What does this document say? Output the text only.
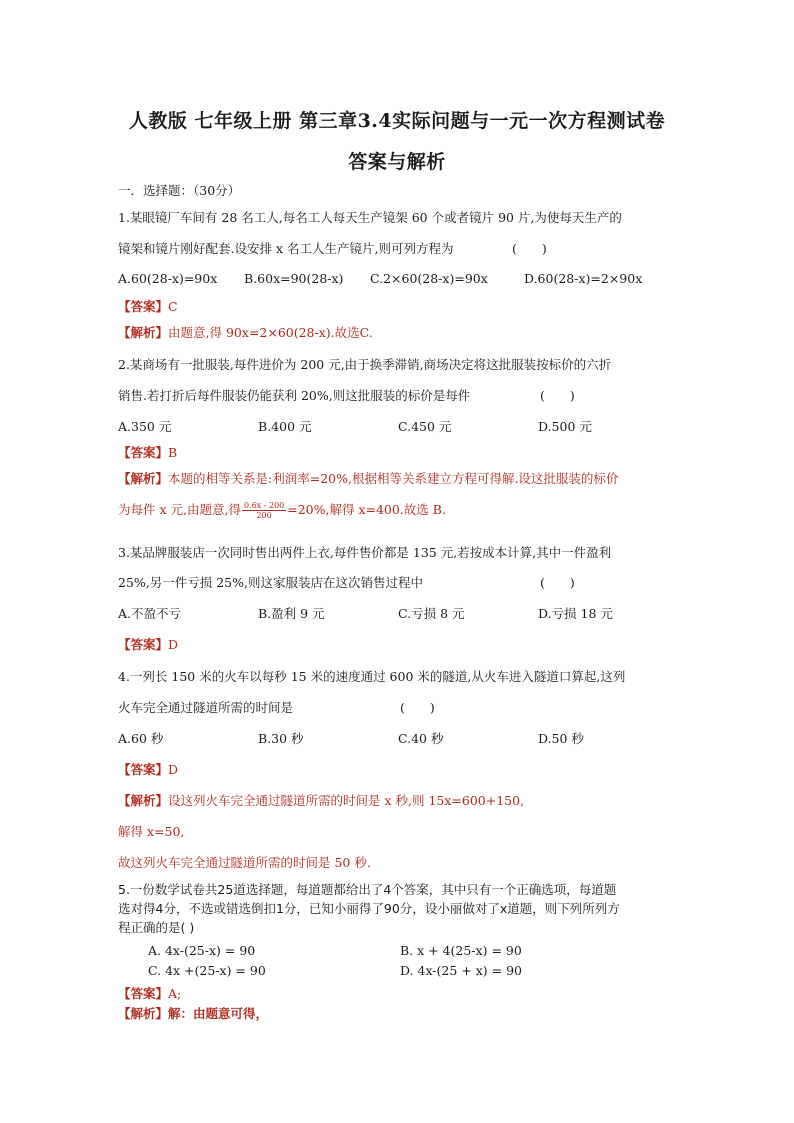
人教版 七年级上册 第三章3.4实际问题与一元一次方程测试卷
答案与解析
一．选择题：（30分）
1.某眼镜厂车间有 28 名工人,每名工人每天生产镜架 60 个或者镜片 90 片,为使每天生产的
镜架和镜片刚好配套.设安排 x 名工人生产镜片,则可列方程为	(　　)
A.60(28-x)=90x B.60x=90(28-x) C.2×60(28-x)=90x	D.60(28-x)=2×90x
【答案】C
【解析】由题意,得 90x=2×60(28-x).故选C.
2.某商场有一批服装,每件进价为 200 元,由于换季滞销,商场决定将这批服装按标价的六折
销售.若打折后每件服装仍能获利 20%,则这批服装的标价是每件	(　　)
A.350 元	B.400 元	C.450 元	D.500 元
【答案】B
【解析】本题的相等关系是:利润率=20%,根据相等关系建立方程可得解.设这批服装的标价
为每件 x 元,由题意,得 $\frac{0.6x - 200}{200} =20\%$,解得 x=400.故选 B.
3.某品牌服装店一次同时售出两件上衣,每件售价都是 135 元,若按成本计算,其中一件盈利
25%,另一件亏损 25%,则这家服装店在这次销售过程中	(　　)
A.不盈不亏	B.盈利 9 元	C.亏损 8 元	D.亏损 18 元
【答案】D
4.一列长 150 米的火车以每秒 15 米的速度通过 600 米的隧道,从火车进入隧道口算起,这列
火车完全通过隧道所需的时间是	(　　)
A.60 秒	B.30 秒	C.40 秒	D.50 秒
【答案】D
【解析】设这列火车完全通过隧道所需的时间是 x 秒,则 15x=600+150,
解得 x=50,
故这列火车完全通过隧道所需的时间是 50 秒.
5.一份数学试卷共25道选择题，每道题都给出了4个答案，其中只有一个正确选项，每道题
选对得4分，不选或错选倒扣1分，已知小丽得了90分，设小丽做对了x道题，则下列所列方
程正确的是( )
A. 4x-(25-x) = 90	B. x + 4(25-x) = 90
C. 4x +(25-x) = 90	D. 4x-(25 + x) = 90
【答案】A;
【解析】解：由题意可得，
